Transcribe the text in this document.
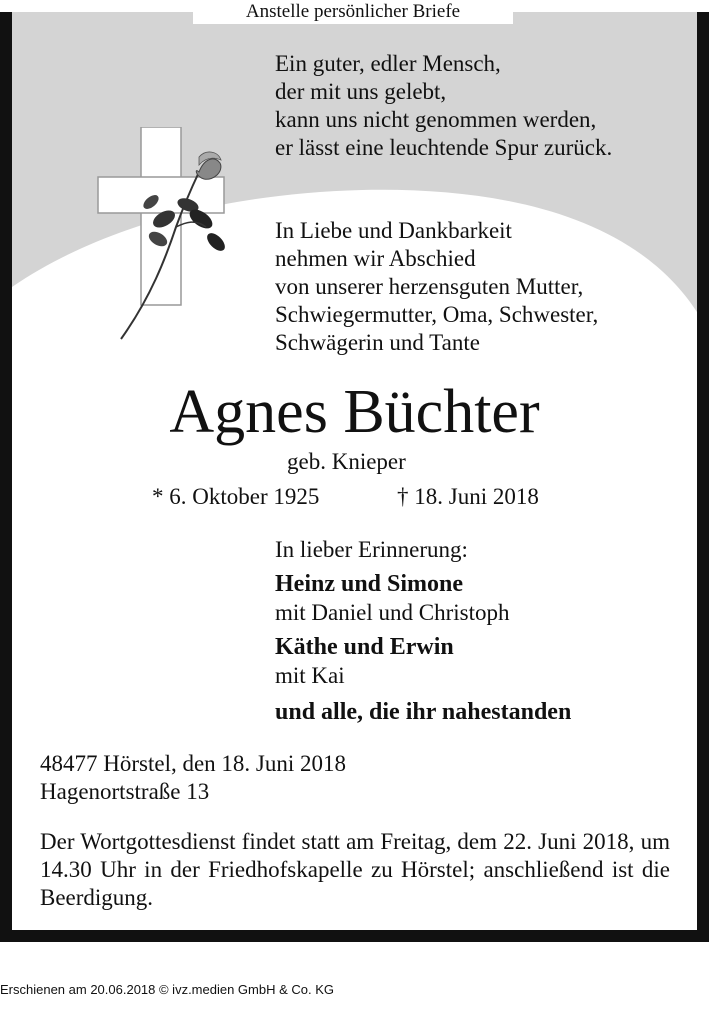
Ein guter, edler Mensch,

der mit uns gelebt,

kann uns nicht genommen werden,

er lässt eine leuchtende Spur zurück.

In Liebe und Dankbarkeit

nehmen wir Abschied

von unserer herzensguten Mutter,

Schwiegermutter, Oma, Schwester,

Schwägerin und Tante

Anstelle persönlicher Briefe
Agnes Büchter

geb. Knieper

* 6. Oktober 1925	† 18. Juni 2018

In lieber Erinnerung:

Heinz und Simone

mit Daniel und Christoph

Käthe und Erwin

mit Kai

und alle, die ihr nahestanden

48477 Hörstel, den 18. Juni 2018

Hagenortstraße 13

Der Wortgottesdienst findet statt am Freitag, dem 22. Juni 2018, um 14.30 Uhr in der Friedhofskapelle zu Hörstel; anschließend ist die Beerdigung.

Erschienen am 20.06.2018 © ivz.medien GmbH & Co. KG
